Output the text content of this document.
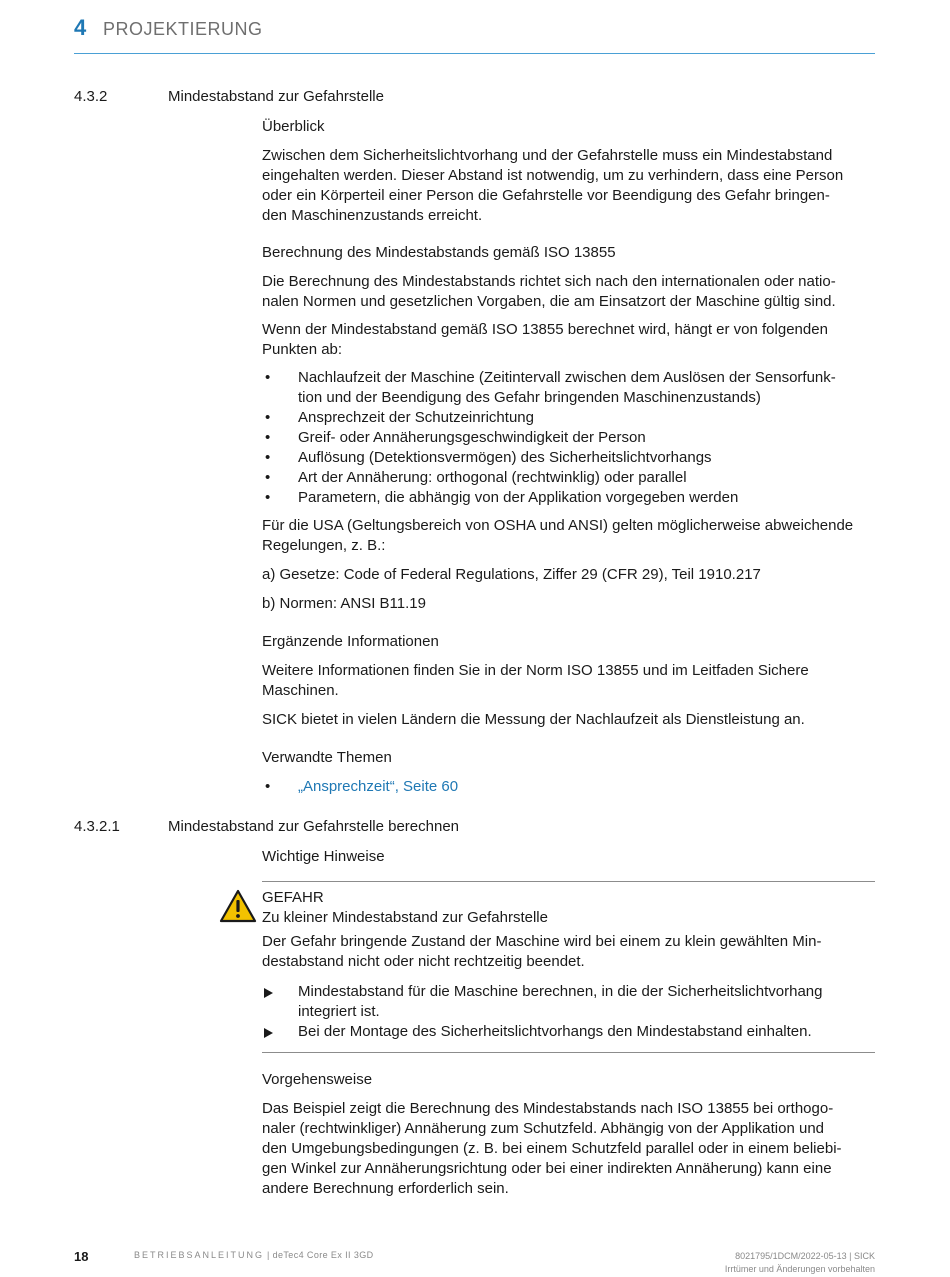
4 PROJEKTIERUNG
4.3.2	Mindestabstand zur Gefahrstelle

Überblick

Zwischen dem Sicherheitslichtvorhang und der Gefahrstelle muss ein Mindestabstand
eingehalten werden. Dieser Abstand ist notwendig, um zu verhindern, dass eine Person
oder ein Körperteil einer Person die Gefahrstelle vor Beendigung des Gefahr bringen-
den Maschinenzustands erreicht.

Berechnung des Mindestabstands gemäß ISO 13855

Die Berechnung des Mindestabstands richtet sich nach den internationalen oder natio-
nalen Normen und gesetzlichen Vorgaben, die am Einsatzort der Maschine gültig sind.

Wenn der Mindestabstand gemäß ISO 13855 berechnet wird, hängt er von folgenden
Punkten ab:

• Nachlaufzeit der Maschine (Zeitintervall zwischen dem Auslösen der Sensorfunk-
tion und der Beendigung des Gefahr bringenden Maschinenzustands)
• Ansprechzeit der Schutzeinrichtung
• Greif- oder Annäherungsgeschwindigkeit der Person
• Auflösung (Detektionsvermögen) des Sicherheitslichtvorhangs
• Art der Annäherung: orthogonal (rechtwinklig) oder parallel
• Parametern, die abhängig von der Applikation vorgegeben werden

Für die USA (Geltungsbereich von OSHA und ANSI) gelten möglicherweise abweichende
Regelungen, z. B.:

a) Gesetze: Code of Federal Regulations, Ziffer 29 (CFR 29), Teil 1910.217

b) Normen: ANSI B11.19

Ergänzende Informationen

Weitere Informationen finden Sie in der Norm ISO 13855 und im Leitfaden Sichere
Maschinen.

SICK bietet in vielen Ländern die Messung der Nachlaufzeit als Dienstleistung an.

Verwandte Themen

• „Ansprechzeit“, Seite 60
4.3.2.1	Mindestabstand zur Gefahrstelle berechnen
Wichtige Hinweise

GEFAHR

Zu kleiner Mindestabstand zur Gefahrstelle

Der Gefahr bringende Zustand der Maschine wird bei einem zu klein gewählten Min-
destabstand nicht oder nicht rechtzeitig beendet.

Mindestabstand für die Maschine berechnen, in die der Sicherheitslichtvorhang
integriert ist.
Bei der Montage des Sicherheitslichtvorhangs den Mindestabstand einhalten.

Vorgehensweise

Das Beispiel zeigt die Berechnung des Mindestabstands nach ISO 13855 bei orthogo-
naler (rechtwinkliger) Annäherung zum Schutzfeld. Abhängig von der Applikation und
den Umgebungsbedingungen (z. B. bei einem Schutzfeld parallel oder in einem beliebi-
gen Winkel zur Annäherungsrichtung oder bei einer indirekten Annäherung) kann eine
andere Berechnung erforderlich sein.

18	BETRIEBSANLEITUNG | deTec4 Core Ex II 3GD	8021795/1DCM/2022-05-13 | SICK
Irrtümer und Änderungen vorbehalten
